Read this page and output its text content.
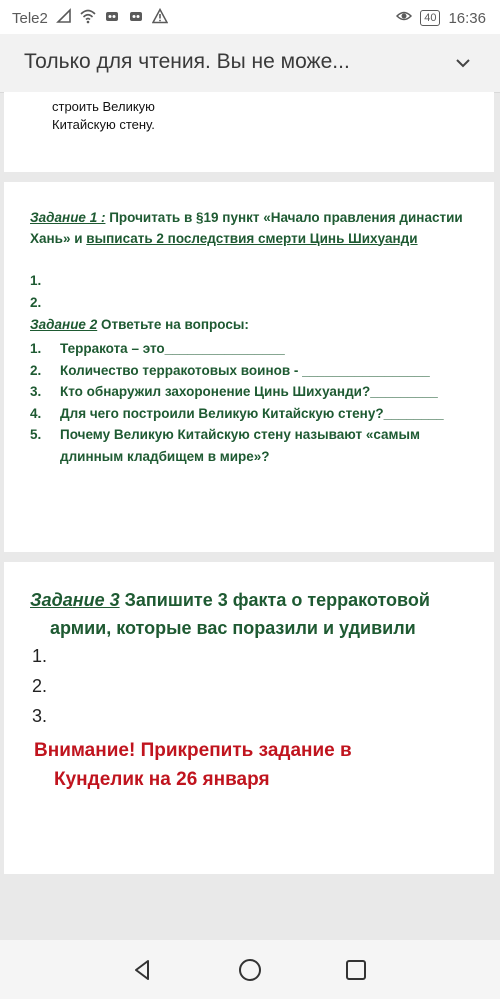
Tele2	40 16:36
Только для чтения. Вы не може...
строить Великую
Китайскую стену.
Задание 1 : Прочитать в §19 пункт «Начало правления династии Хань» и выписать 2 последствия смерти Цинь Шихуанди
1.
2.
Задание 2 Ответьте на вопросы:
1.	Терракота – это________________
2.	Количество терракотовых воинов - _________________
3.	Кто обнаружил захоронение Цинь Шихуанди?_________
4.	Для чего построили Великую Китайскую стену?________
5.	Почему Великую Китайскую стену называют «самым длинным кладбищем в мире»?
Задание 3 Запишите 3 факта о терракотовой
армии, которые вас поразили и удивили
1.
2.
3.
Внимание! Прикрепить задание в
Кунделик на 26 января
